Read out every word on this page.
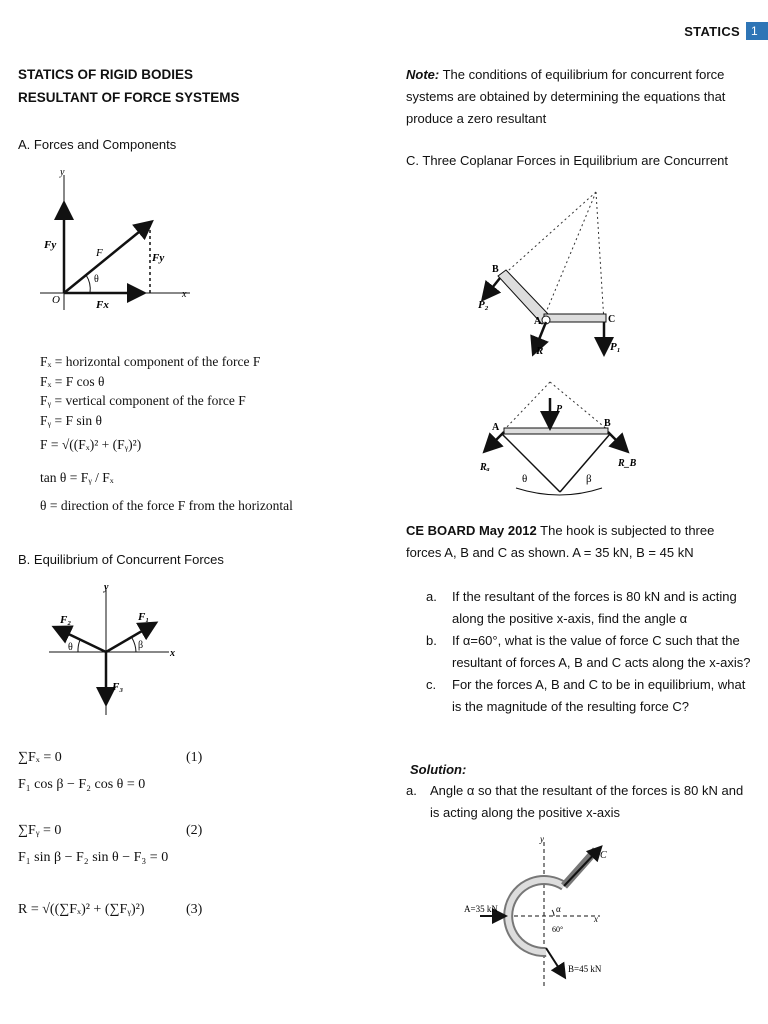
STATICS 1
STATICS OF RIGID BODIES
RESULTANT OF FORCE SYSTEMS
A. Forces and Components
y
x
O
Fy
F	Fy
θ
Fx
Fₓ = horizontal component of the force F
Fₓ = F cos θ
Fᵧ = vertical component of the force F
Fᵧ = F sin θ
F = √((Fₓ)² + (Fᵧ)²)
tan θ = Fᵧ / Fₓ
θ = direction of the force F from the horizontal
B. Equilibrium of Concurrent Forces
y
x
F₁
F₂
F₃
θ	β
∑Fₓ = 0	(1)
F₁ cos β − F₂ cos θ = 0
∑Fᵧ = 0	(2)
F₁ sin β − F₂ sin θ − F₃ = 0
R = √((∑Fₓ)² + (∑Fᵧ)²)	(3)
Note: The conditions of equilibrium for concurrent force systems are obtained by determining the equations that produce a zero resultant
C. Three Coplanar Forces in Equilibrium are Concurrent
B
A	C
P₂
P₁
R
A	B
P
Rₐ	R_B
θ	β
CE BOARD May 2012 The hook is subjected to three forces A, B and C as shown. A = 35 kN, B = 45 kN
a.	If the resultant of the forces is 80 kN and is acting along the positive x-axis, find the angle α
b.	If α=60°, what is the value of force C such that the resultant of forces A, B and C acts along the x-axis?
c.	For the forces A, B and C to be in equilibrium, what is the magnitude of the resulting force C?
Solution:
a.	Angle α so that the resultant of the forces is 80 kN and is acting along the positive x-axis
y
x
C
A=35 kN
B=45 kN
α
60°
